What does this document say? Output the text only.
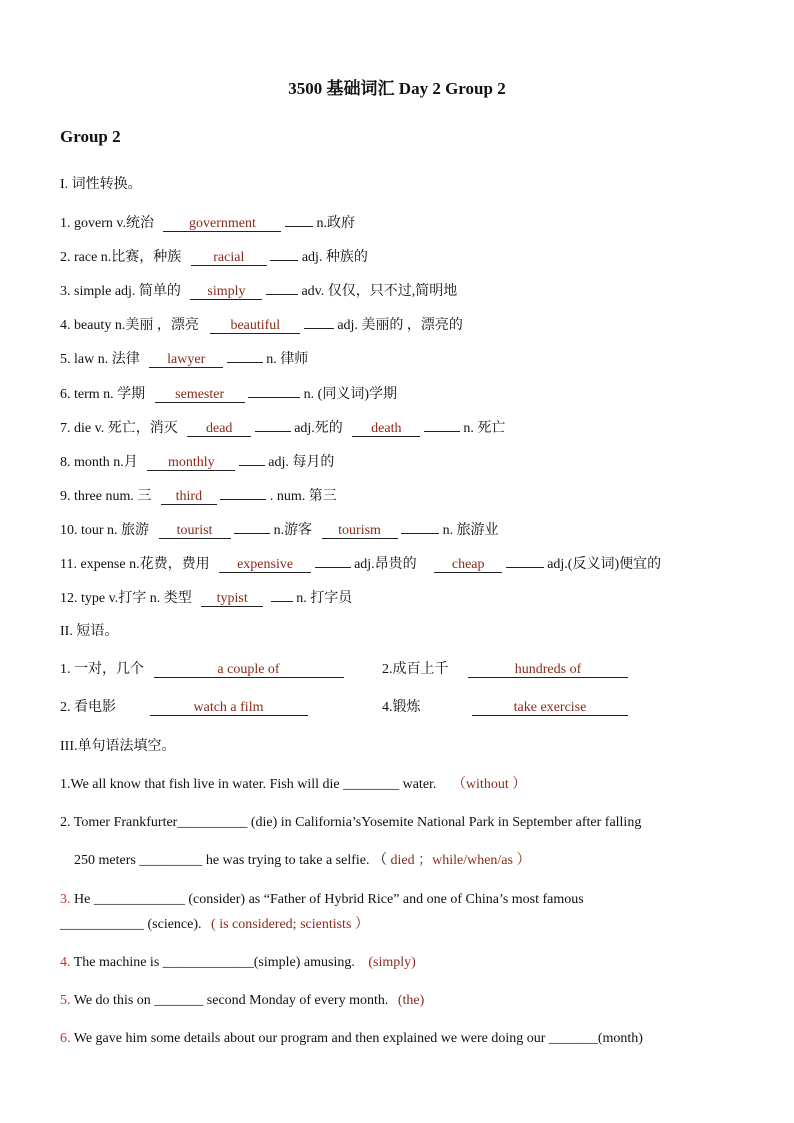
3500 基础词汇 Day 2 Group 2
Group 2
I. 词性转换。
1. govern v.统治	government	n.政府
2. race n.比赛，种族 racial	adj. 种族的
3. simple adj. 简单的 simply	adv. 仅仅，只不过,简明地
4. beauty n.美丽 ，漂亮 beautiful	adj. 美丽的 ，漂亮的
5. law n. 法律 lawyer	n. 律师
6. term n. 学期 semester	n. (同义词)学期
7. die v. 死亡，消灭 dead	adj.死的 death	n. 死亡
8. month n.月 monthly	adj. 每月的
9. three num. 三 third	. num. 第三
10. tour n. 旅游 tourist	n.游客 tourism	n. 旅游业
11. expense n.花费，费用 expensive	adj.昂贵的	cheap	adj.(反义词)便宜的
12. type v.打字 n. 类型 typist	n. 打字员
II. 短语。
1. 一对，几个	a couple of	2.成百上千	hundreds of
2. 看电影	watch a film	4.锻炼	take exercise
III.单句语法填空。
1.We all know that fish live in water. Fish will die ________ water. （without ）
2. Tomer Frankfurter__________ (die) in California’sYosemite National Park in September after falling
250 meters _________ he was trying to take a selfie. （ died ；while/when/as ）
3. He _____________ (consider) as “Father of Hybrid Rice” and one of China’s most famous
____________ (science). ( is considered; scientists ）
4. The machine is _____________(simple) amusing. (simply)
5. We do this on _______ second Monday of every month. (the)
6. We gave him some details about our program and then explained we were doing our _______(month)
